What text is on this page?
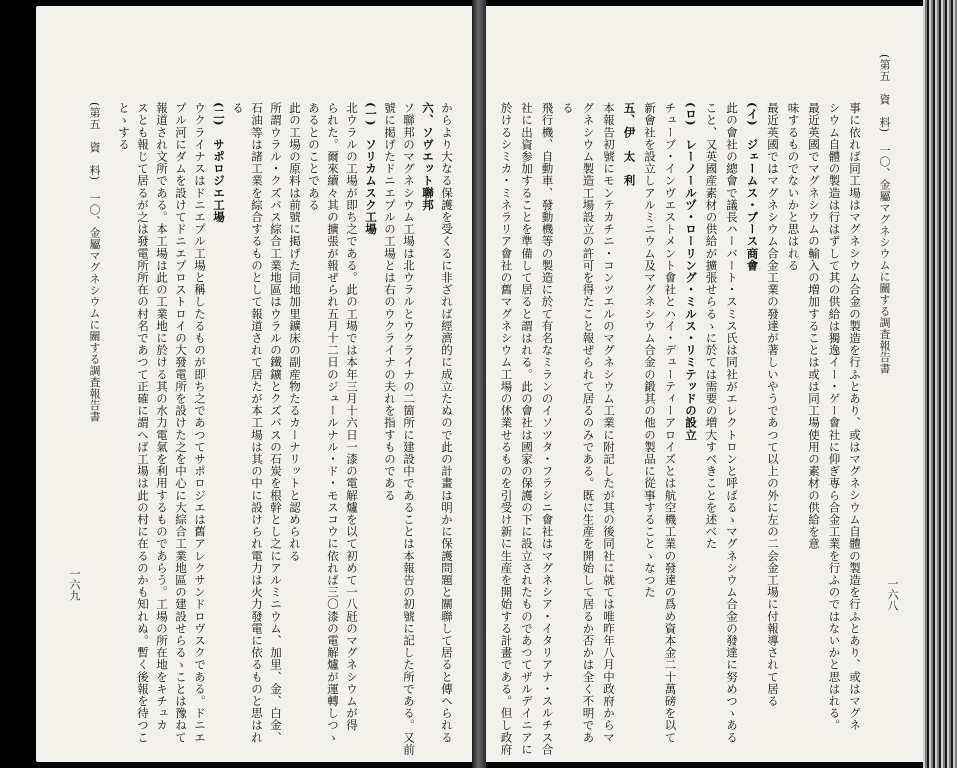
(第五　資　料)　一〇、金屬マグネシウムに關する調査報告書
一六九	からより大なる保護を受くるに非ざれば經濟的に成立たぬので此の計畫は明かに保護問題と關聯して居ると傳へられる
六、ソヴエット聯邦
ソ聯邦のマグネシウム工場は北ウラルとウクライナの二箇所に建設中であることは本報告の初號に記した所である。又前
號に掲げたドニエプルの工場とは右のウクライナの夫れを指すものである
(一)　ソリカムスク工場
北ウラルの工場が即ち之である。此の工場では本年三月十六日一漆の電解爐を以て初めて一八瓩のマグネシウムが得
られた。爾來續々其の擴張が報ぜられ五月十二日のジュールナル・ド・モスコウに依れば三〇漆の電解爐が運轉しつゝ
あるとのことである
此の工場の原料は前號に掲げた同地加里鑛床の副産物たるカーナリットと認められる
所謂ウラル・クズバス綜合工業地區はウラルの鐵鑛とクズバスの石炭を根幹とし之にアルミニウム、加里、金、白金、
石油等は諸工業を綜合するものとして報道されて居たが本工場は其の中に設けられ電力は火力發電に依るものと思はれ
る
(二)　サポロジエ工場
ウクライナスはドニエプル工場と稱したるものが即ち之であつてサポロジエは舊アレクサンドロヴスクである。ドニエ
プル河にダムを設けてドニエプロストロイの大發電所を設けた之を中心に大綜合工業地區の建設せらるゝことは豫ねて
報道され文所である。本工場は此の工業地に於ける其の水力電氣を利用するものであらう。工場の所在地をキチュカ
スとも報じて居るが之は發電所所在の村名であつて正確に謂へば工場は此の村に在るのかも知れぬ。暫く後報を待つこ
とゝする	(第五　資　料)　一〇、金屬マグネシウムに關する調査報告書
一六八
事に依れば同工場はマグネシウム合金の製造を行ふとあり、或はマグネシウム自體の製造を行ふとあり、或はマグネ
シウム自體の製造は行はずして其の供給は獨逸イー・ゲー會社に仰ぎ専ら合金工業を行ふのではないかと思はれる。
最近英國でマグネシウムの輸入の増加することは或は同工場使用の素材の供給を意
味するものでないかと思はれる
最近英國ではマグネシウム合金工業の發達が著しいやうであつて以上の外に左の二会金工場に付報導されて居る
(イ)　ジェームス・ブース商會
此の會社の總會で議長ハーバート・スミス氏は同社がエレクトロンと呼ばるゝマグネシウム合金の發達に努めつゝある
こと、又英國産素材の供給が擴張せらるゝに於ては需要の増大すべきことを述べた
(ロ)　レーノールヅ・ローリング・ミルス・リミテッドの設立
チューブ・インヴエストメント會社とハイ・デューティーアロイズとは航空機工業の發達の爲め資本金二十萬磅を以て
新會社を設立しアルミニウム及マグネシウム合金の鍛其の他の製品に從事することゝなつた
五、伊　太　利
本報告初號にモンテカチニ・コンツエルのマグネシウム工業に附記したが其の後同社に就ては唯昨年八月中政府からマ
グネシウム製造工場設立の許可を得たこと報ぜられて居るのみである。既に生産を開始して居るか否かは全く不明であ
る
飛行機、自動車、發動機等の製造に於て有名なミランのイソツタ・フラシニ會社はマグネシア・イタリアナ・スルチス合
社に出資参加することを準備して居ると謂はれる。此の會社は國家の保護の下に設立されたものであつてザルデイニアに
於けるシミカ・ミネラリア會社の舊マグネシウム工場の休業せるものを引受け新に生産を開始する計畫である。但し政府
